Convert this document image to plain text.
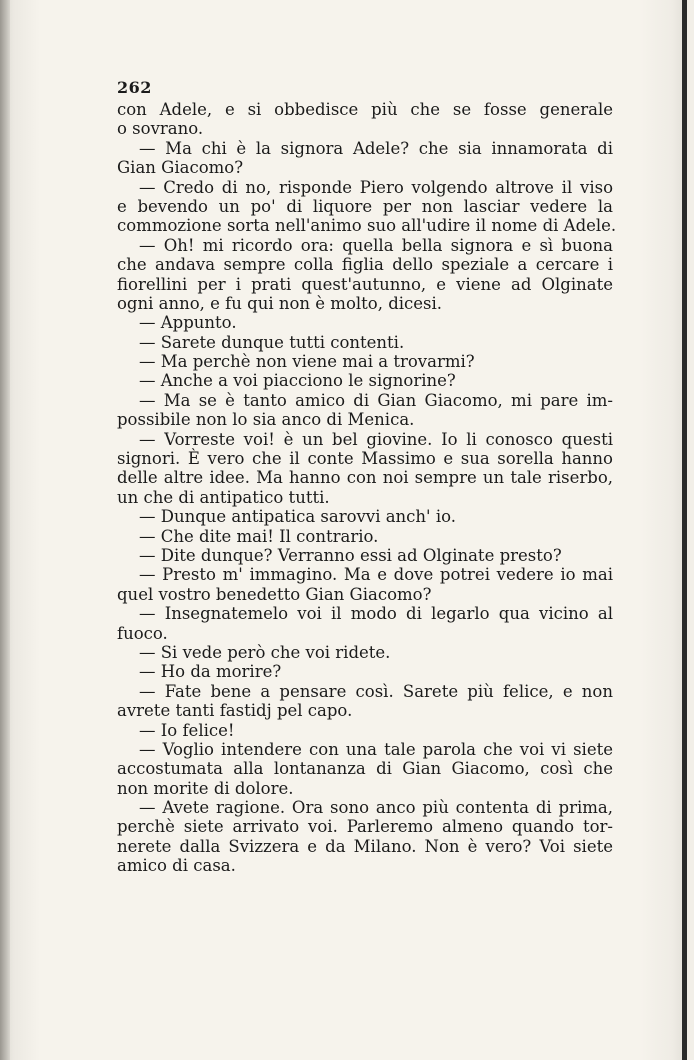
262
con Adele, e si obbedisce più che se fosse generale
o sovrano.
— Ma chi è la signora Adele? che sia innamorata di
Gian Giacomo?
— Credo di no, risponde Piero volgendo altrove il viso
e bevendo un po' di liquore per non lasciar vedere la
commozione sorta nell'animo suo all'udire il nome di Adele.
— Oh! mi ricordo ora: quella bella signora e sì buona
che andava sempre colla figlia dello speziale a cercare i
fiorellini per i prati quest'autunno, e viene ad Olginate
ogni anno, e fu qui non è molto, dicesi.
— Appunto.
— Sarete dunque tutti contenti.
— Ma perchè non viene mai a trovarmi?
— Anche a voi piacciono le signorine?
— Ma se è tanto amico di Gian Giacomo, mi pare im-
possibile non lo sia anco di Menica.
— Vorreste voi! è un bel giovine. Io li conosco questi
signori. È vero che il conte Massimo e sua sorella hanno
delle altre idee. Ma hanno con noi sempre un tale riserbo,
un che di antipatico tutti.
— Dunque antipatica sarovvi anch' io.
— Che dite mai! Il contrario.
— Dite dunque? Verranno essi ad Olginate presto?
— Presto m' immagino. Ma e dove potrei vedere io mai
quel vostro benedetto Gian Giacomo?
— Insegnatemelo voi il modo di legarlo qua vicino al
fuoco.
— Si vede però che voi ridete.
— Ho da morire?
— Fate bene a pensare così. Sarete più felice, e non
avrete tanti fastidj pel capo.
— Io felice!
— Voglio intendere con una tale parola che voi vi siete
accostumata alla lontananza di Gian Giacomo, così che
non morite di dolore.
— Avete ragione. Ora sono anco più contenta di prima,
perchè siete arrivato voi. Parleremo almeno quando tor-
nerete dalla Svizzera e da Milano. Non è vero? Voi siete
amico di casa.
